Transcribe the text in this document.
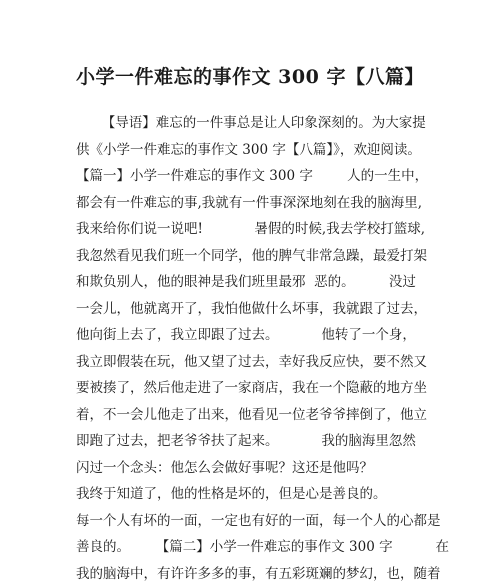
小学一件难忘的事作文 300 字【八篇】
【导语】难忘的一件事总是让人印象深刻的。为大家提
供《小学一件难忘的事作文 300 字【八篇】》，欢迎阅读。
【篇一】小学一件难忘的事作文 300 字        人的一生中，
都会有一件难忘的事,我就有一件事深深地刻在我的脑海里,
我来给你们说一说吧!            暑假的时候,我去学校打篮球,
我忽然看见我们班一个同学，他的脾气非常急躁，最爱打架
和欺负别人，他的眼神是我们班里最邪  恶的。        没过
一会儿，他就离开了，我怕他做什么坏事，我就跟了过去，
他向街上去了，我立即跟了过去。          他转了一个身，
我立即假装在玩，他又望了过去，幸好我反应快，要不然又
要被揍了，然后他走进了一家商店，我在一个隐蔽的地方坐
着，不一会儿他走了出来，他看见一位老爷爷摔倒了，他立
即跑了过去，把老爷爷扶了起来。          我的脑海里忽然
闪过一个念头：他怎么会做好事呢？这还是他吗？
我终于知道了，他的性格是坏的，但是心是善良的。
每一个人有坏的一面，一定也有好的一面，每一个人的心都是
善良的。      【篇二】小学一件难忘的事作文 300 字          在
我的脑海中，有许许多多的事，有五彩斑斓的梦幻，也，随着
